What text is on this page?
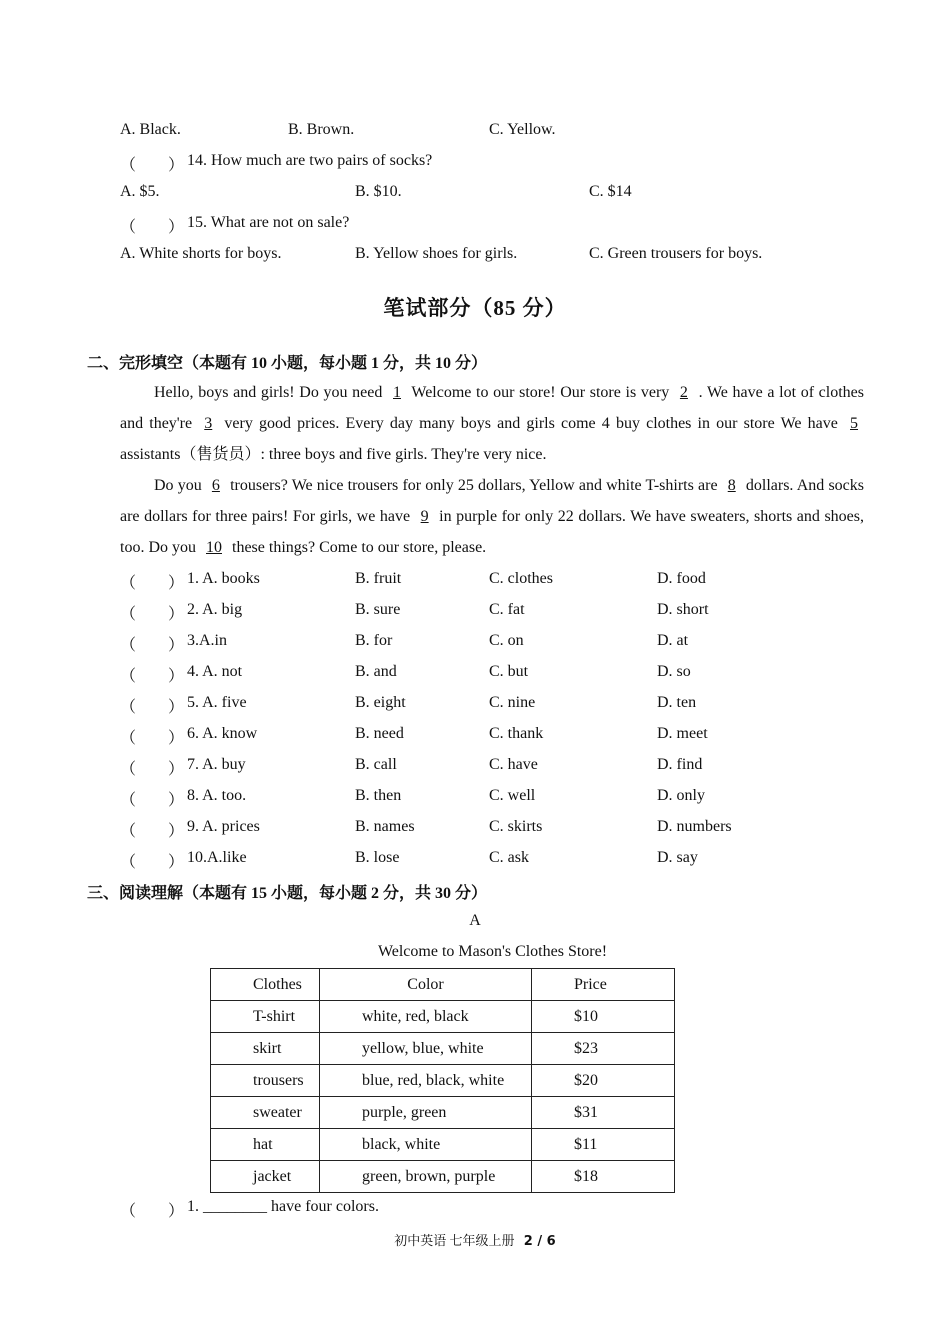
A. Black.	B. Brown.	C. Yellow.
（　　） 14. How much are two pairs of socks?
A. $5.	B. $10.	C. $14
（　　） 15. What are not on sale?
A. White shorts for boys.	B. Yellow shoes for girls.	C. Green trousers for boys.
笔试部分（85 分）
二、完形填空（本题有 10 小题，每小题 1 分，共 10 分）
Hello, boys and girls! Do you need 1 Welcome to our store! Our store is very 2 . We have a lot of clothes and they're 3 very good prices. Every day many boys and girls come 4 buy clothes in our store We have 5 assistants（售货员）: three boys and five girls. They're very nice.
Do you 6 trousers? We nice trousers for only 25 dollars, Yellow and white T-shirts are 8 dollars. And socks are dollars for three pairs! For girls, we have 9 in purple for only 22 dollars. We have sweaters, shorts and shoes, too. Do you 10 these things? Come to our store, please.
（　　） 1. A. books	B. fruit	C. clothes	D. food
（　　） 2. A. big	B. sure	C. fat	D. short
（　　） 3.A.in	B. for	C. on	D. at
（　　） 4. A. not	B. and	C. but	D. so
（　　） 5. A. five	B. eight	C. nine	D. ten
（　　） 6. A. know	B. need	C. thank	D. meet
（　　） 7. A. buy	B. call	C. have	D. find
（　　） 8. A. too.	B. then	C. well	D. only
（　　） 9. A. prices	B. names	C. skirts	D. numbers
（　　） 10.A.like	B. lose	C. ask	D. say
三、阅读理解（本题有 15 小题，每小题 2 分，共 30 分）
A
Welcome to Mason's Clothes Store!
Clothes	Color	Price
T-shirt	white, red, black	$10
skirt	yellow, blue, white	$23
trousers	blue, red, black, white	$20
sweater	purple, green	$31
hat	black, white	$11
jacket	green, brown, purple	$18
（　　） 1. ________ have four colors.
初中英语 七年级上册 2 / 6
